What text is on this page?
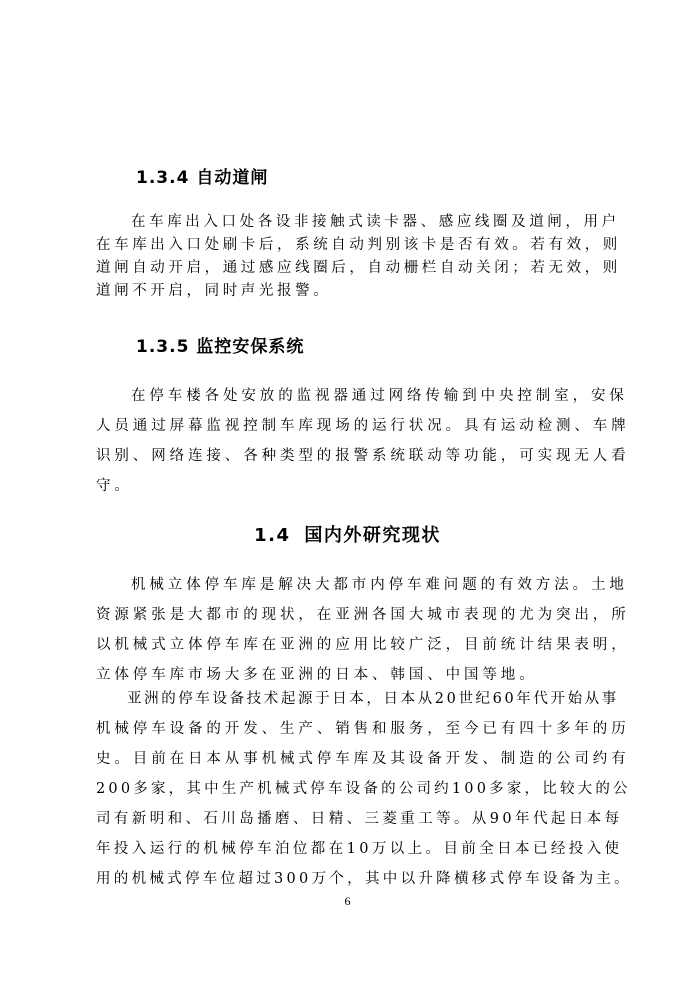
1.3.4 自动道闸
在车库出入口处各设非接触式读卡器、感应线圈及道闸，用户
在车库出入口处刷卡后，系统自动判别该卡是否有效。若有效，则
道闸自动开启，通过感应线圈后，自动栅栏自动关闭；若无效，则
道闸不开启，同时声光报警。
1.3.5 监控安保系统
在停车楼各处安放的监视器通过网络传输到中央控制室，安保
人员通过屏幕监视控制车库现场的运行状况。具有运动检测、车牌
识别、网络连接、各种类型的报警系统联动等功能，可实现无人看
守。
1.4 国内外研究现状
机械立体停车库是解决大都市内停车难问题的有效方法。土地
资源紧张是大都市的现状，在亚洲各国大城市表现的尤为突出，所
以机械式立体停车库在亚洲的应用比较广泛，目前统计结果表明，
立体停车库市场大多在亚洲的日本、韩国、中国等地。
亚洲的停车设备技术起源于日本，日本从20世纪60年代开始从事
机械停车设备的开发、生产、销售和服务，至今已有四十多年的历
史。目前在日本从事机械式停车库及其设备开发、制造的公司约有
200多家，其中生产机械式停车设备的公司约100多家，比较大的公
司有新明和、石川岛播磨、日精、三菱重工等。从90年代起日本每
年投入运行的机械停车泊位都在10万以上。目前全日本已经投入使
用的机械式停车位超过300万个，其中以升降横移式停车设备为主。
6
